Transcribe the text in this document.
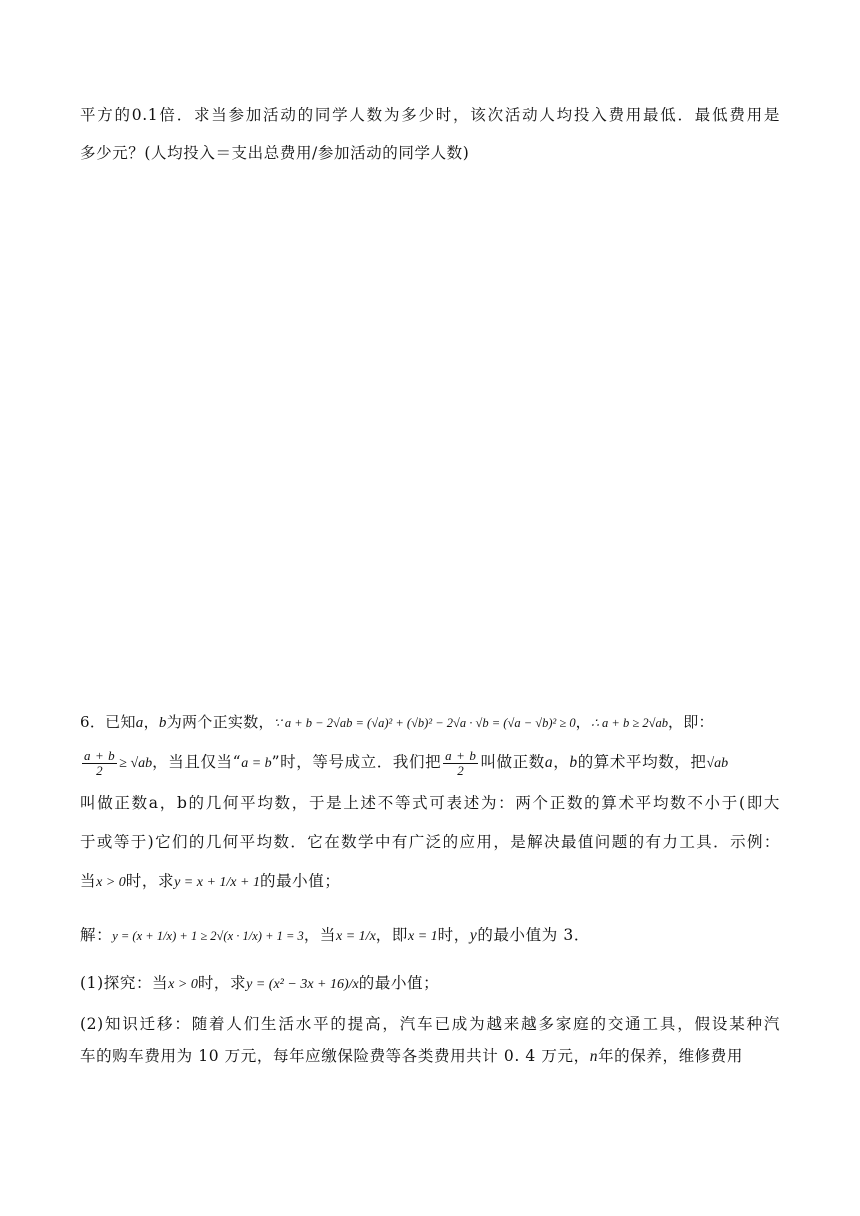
平方的0.1倍．求当参加活动的同学人数为多少时，该次活动人均投入费用最低．最低费用是
多少元？(人均投入＝支出总费用/参加活动的同学人数)
6．已知a，b为两个正实数，∵ a + b − 2√ab = (√a)² + (√b)² − 2√a · √b = (√a − √b)² ≥ 0，∴ a + b ≥ 2√ab，即：
$\frac{a + b}{2} \ge √ab$，当且仅当“a = b”时，等号成立．我们把 $\frac{a + b}{2}$ 叫做正数a，b的算术平均数，把√ab
叫做正数a，b的几何平均数，于是上述不等式可表述为：两个正数的算术平均数不小于(即大
于或等于)它们的几何平均数．它在数学中有广泛的应用，是解决最值问题的有力工具．示例：
当x > 0时，求y = x + 1/x + 1的最小值；
解：y = (x + 1/x) + 1 ≥ 2√(x · 1/x) + 1 = 3，当x = 1/x，即x = 1时，y的最小值为 3．
(1)探究：当x > 0时，求y = (x² − 3x + 16)/x的最小值；
(2)知识迁移：随着人们生活水平的提高，汽车已成为越来越多家庭的交通工具，假设某种汽
车的购车费用为 10 万元，每年应缴保险费等各类费用共计 0. 4 万元，n年的保养，维修费用
